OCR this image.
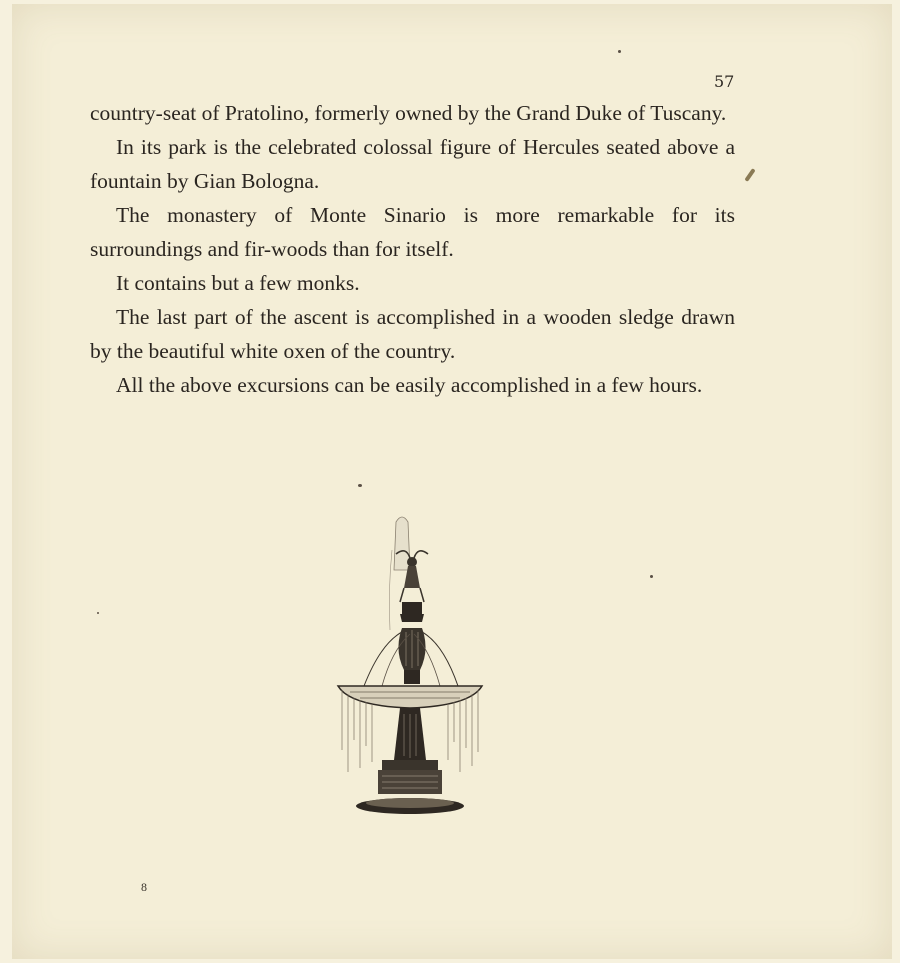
57

country-seat of Pratolino, formerly owned by the Grand Duke of Tuscany.

In its park is the celebrated colossal figure of Hercules seated above a fountain by Gian Bologna.

The monastery of Monte Sinario is more remarkable for its surroundings and fir-woods than for itself.

It contains but a few monks.

The last part of the ascent is accomplished in a wooden sledge drawn by the beautiful white oxen of the country.

All the above excursions can be easily accomplished in a few hours.

8
